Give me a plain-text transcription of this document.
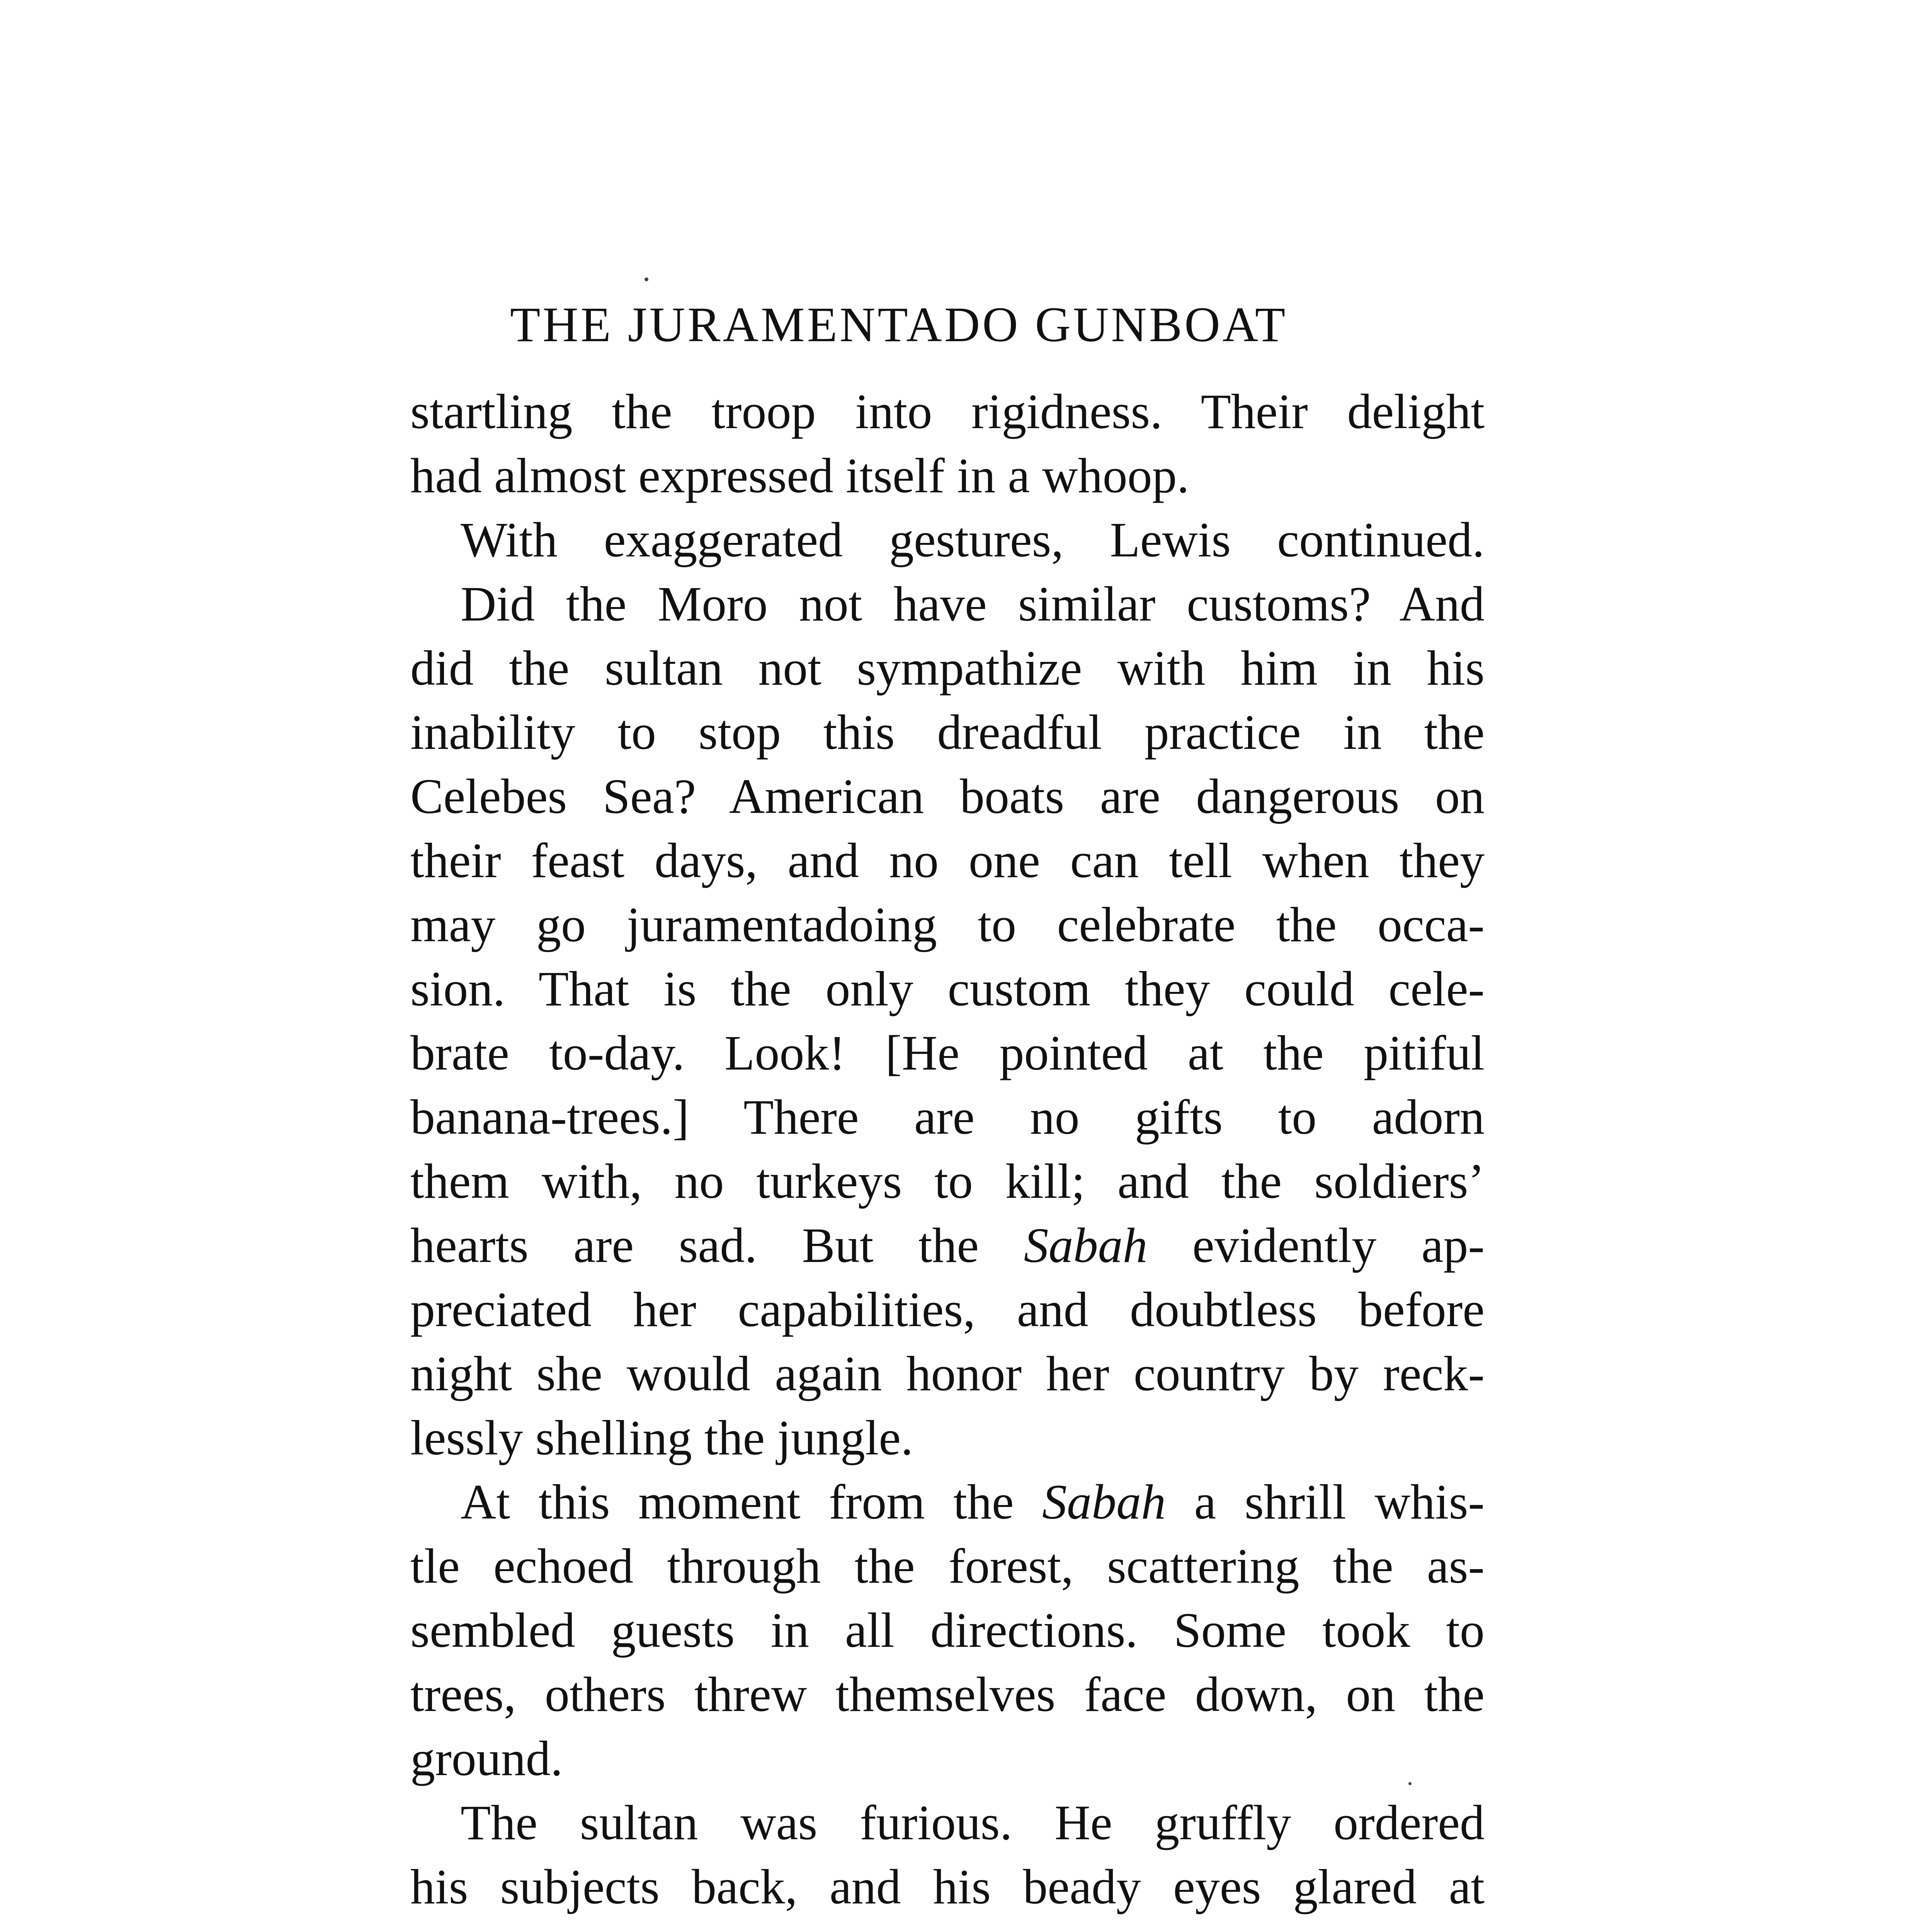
THE JURAMENTADO GUNBOAT
startling the troop into rigidness. Their delight
had almost expressed itself in a whoop.
With exaggerated gestures, Lewis continued.
Did the Moro not have similar customs? And
did the sultan not sympathize with him in his
inability to stop this dreadful practice in the
Celebes Sea? American boats are dangerous on
their feast days, and no one can tell when they
may go juramentadoing to celebrate the occa-
sion. That is the only custom they could cele-
brate to-day. Look! [He pointed at the pitiful
banana-trees.] There are no gifts to adorn
them with, no turkeys to kill; and the soldiers’
hearts are sad. But the Sabah evidently ap-
preciated her capabilities, and doubtless before
night she would again honor her country by reck-
lessly shelling the jungle.
At this moment from the Sabah a shrill whis-
tle echoed through the forest, scattering the as-
sembled guests in all directions. Some took to
trees, others threw themselves face down, on the
ground.
The sultan was furious. He gruffly ordered
his subjects back, and his beady eyes glared at
